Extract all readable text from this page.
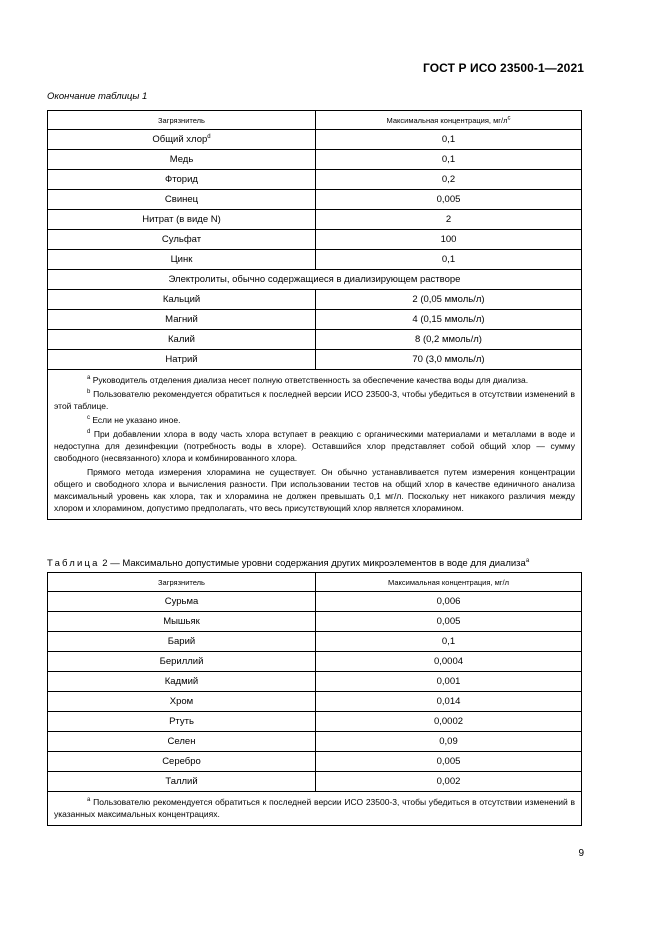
ГОСТ Р ИСО 23500-1—2021
Окончание таблицы 1
Загрязнитель	Максимальная концентрация, $мг/л^c$
Общий хлор$^d$	0,1
Медь	0,1
Фторид	0,2
Свинец	0,005
Нитрат (в виде N)	2
Сульфат	100
Цинк	0,1
Электролиты, обычно содержащиеся в диализирующем растворе	
Кальций	2 (0,05 ммоль/л)
Магний	4 (0,15 ммоль/л)
Калий	8 (0,2 ммоль/л)
Натрий	70 (3,0 ммоль/л)

$^a$ Руководитель отделения диализа несет полную ответственность за обеспечение качества воды для диализа.
$^b$ Пользователю рекомендуется обратиться к последней версии ИСО 23500-3, чтобы убедиться в отсутствии изменений в этой таблице.
$^c$ Если не указано иное.
$^d$ При добавлении хлора в воду часть хлора вступает в реакцию с органическими материалами и металлами в воде и недоступна для дезинфекции (потребность воды в хлоре). Оставшийся хлор представляет собой общий хлор — сумму свободного (несвязанного) хлора и комбинированного хлора.
Прямого метода измерения хлорамина не существует. Он обычно устанавливается путем измерения концентрации общего и свободного хлора и вычисления разности. При использовании тестов на общий хлор в качестве единичного анализа максимальный уровень как хлора, так и хлорамина не должен превышать 0,1 мг/л. Поскольку нет никакого различия между хлором и хлорамином, допустимо предполагать, что весь присутствующий хлор является хлорамином.	
Таблица 2 — Максимально допустимые уровни содержания других микроэлементов в воде для диализа$^a$
Загрязнитель	Максимальная концентрация, мг/л
Сурьма	0,006
Мышьяк	0,005
Барий	0,1
Бериллий	0,0004
Кадмий	0,001
Хром	0,014
Ртуть	0,0002
Селен	0,09
Серебро	0,005
Таллий	0,002

$^a$ Пользователю рекомендуется обратиться к последней версии ИСО 23500-3, чтобы убедиться в отсутствии изменений в указанных максимальных концентрациях.	
9
